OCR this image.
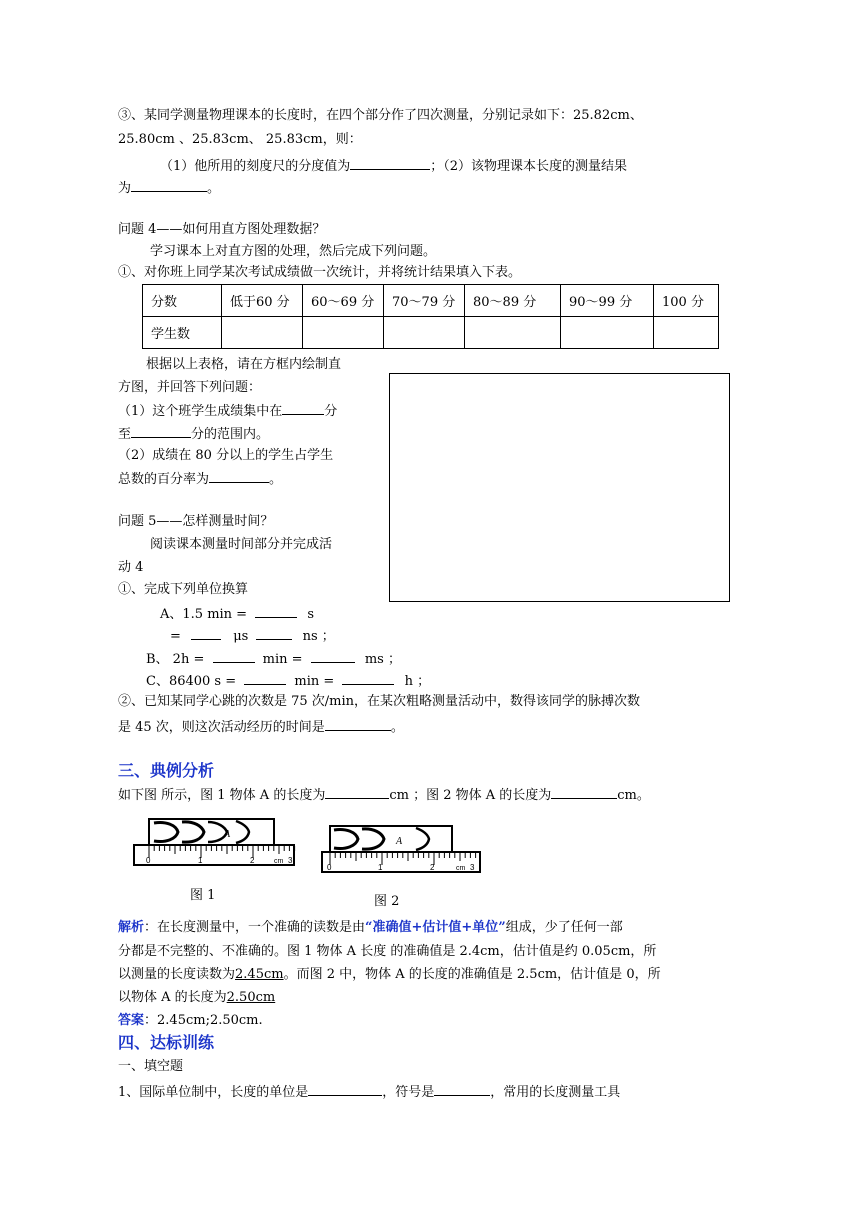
③、某同学测量物理课本的长度时，在四个部分作了四次测量，分别记录如下：25.82cm、
25.80cm 、25.83cm、 25.83cm，则：
（1）他所用的刻度尺的分度值为	；（2）该物理课本长度的测量结果
为	。
问题 4——如何用直方图处理数据？
学习课本上对直方图的处理，然后完成下列问题。
①、对你班上同学某次考试成绩做一次统计，并将统计结果填入下表。
分数	低于60 分	60～69 分	70～79 分	80～89 分	90～99 分	100 分
学生数						
根据以上表格，请在方框内绘制直
方图，并回答下列问题：
（1）这个班学生成绩集中在	分
至	分的范围内。
（2）成绩在 80 分以上的学生占学生
总数的百分率为	。
问题 5——怎样测量时间？
阅读课本测量时间部分并完成活
动 4
①、完成下列单位换算
A、1.5 min =	s
=	μs	ns ；
B、 2h =	min =	ms ；
C、86400 s =	min =	h ；
②、已知某同学心跳的次数是 75 次/min，在某次粗略测量活动中，数得该同学的脉搏次数
是 45 次，则这次活动经历的时间是	。
三、典例分析
如下图 所示，图 1 物体 A 的长度为	cm ；图 2 物体 A 的长度为	cm。
A
0	1	2	cm 3
图 1
A
0	1	2	cm 3
图 2
解析：在长度测量中，一个准确的读数是由“准确值+估计值+单位”组成，少了任何一部
分都是不完整的、不准确的。图 1 物体 A 长度 的准确值是 2.4cm，估计值是约 0.05cm，所
以测量的长度读数为2.45cm。而图 2 中，物体 A 的长度的准确值是 2.5cm，估计值是 0，所
以物体 A 的长度为2.50cm
答案：2.45cm;2.50cm.
四、达标训练
一、填空题
1、国际单位制中，长度的单位是	，符号是	，常用的长度测量工具
